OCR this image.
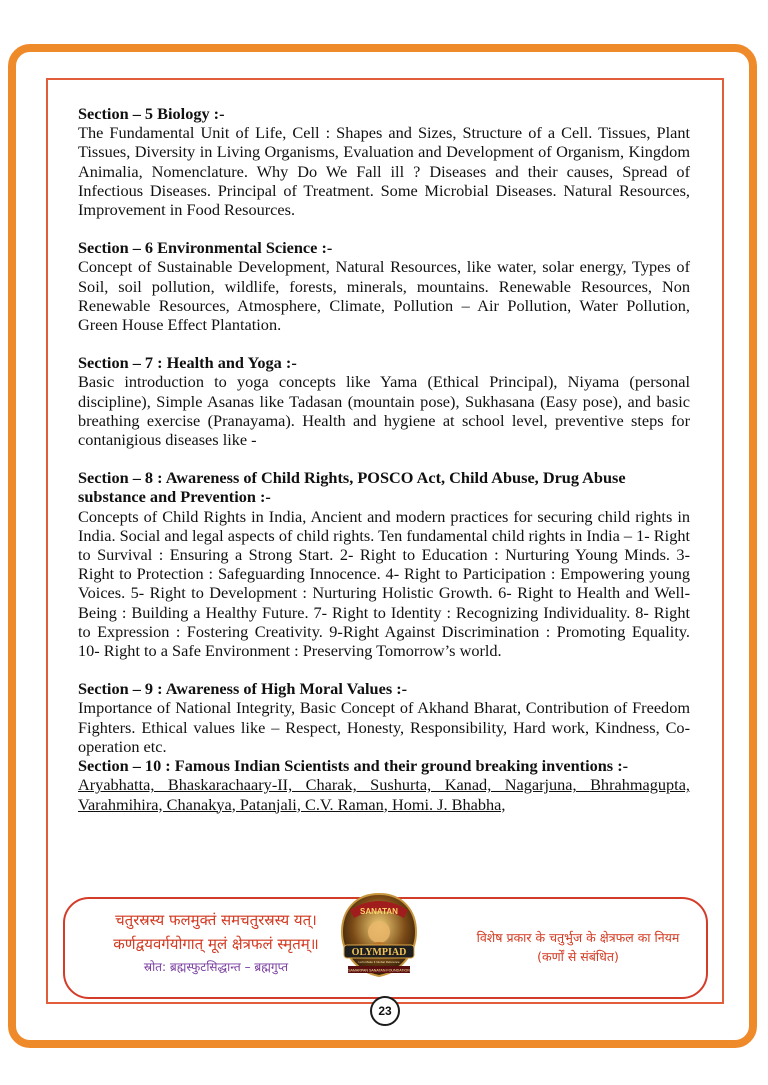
Section – 5 Biology :-
The Fundamental Unit of Life, Cell : Shapes and Sizes, Structure of a Cell. Tissues, Plant Tissues, Diversity in Living Organisms, Evaluation and Development of Organism, Kingdom Animalia, Nomenclature. Why Do We Fall ill ? Diseases and their causes, Spread of Infectious Diseases. Principal of Treatment. Some Microbial Diseases. Natural Resources, Improvement in Food Resources.
Section – 6 Environmental Science :-
Concept of Sustainable Development, Natural Resources, like water, solar energy, Types of Soil, soil pollution, wildlife, forests, minerals, mountains. Renewable Resources, Non Renewable Resources, Atmosphere, Climate, Pollution – Air Pollution, Water Pollution, Green House Effect Plantation.
Section – 7 : Health and Yoga :-
Basic introduction to yoga concepts like Yama (Ethical Principal), Niyama (personal discipline), Simple Asanas like Tadasan (mountain pose), Sukhasana (Easy pose), and basic breathing exercise (Pranayama). Health and hygiene at school level, preventive steps for contanigious diseases like -
Section – 8 : Awareness of Child Rights, POSCO Act, Child Abuse, Drug Abuse substance and Prevention :-
Concepts of Child Rights in India, Ancient and modern practices for securing child rights in India. Social and legal aspects of child rights. Ten fundamental child rights in India – 1- Right to Survival : Ensuring a Strong Start. 2- Right to Education : Nurturing Young Minds. 3- Right to Protection : Safeguarding Innocence. 4- Right to Participation : Empowering young Voices. 5- Right to Development : Nurturing Holistic Growth. 6- Right to Health and Well-Being : Building a Healthy Future. 7- Right to Identity : Recognizing Individuality. 8- Right to Expression : Fostering Creativity. 9-Right Against Discrimination : Promoting Equality. 10- Right to a Safe Environment : Preserving Tomorrow’s world.
Section – 9 : Awareness of High Moral Values :-
Importance of National Integrity, Basic Concept of Akhand Bharat, Contribution of Freedom Fighters. Ethical values like – Respect, Honesty, Responsibility, Hard work, Kindness, Co-operation etc.
Section – 10 : Famous Indian Scientists and their ground breaking inventions :-
Aryabhatta, Bhaskarachaary-II, Charak, Sushurta, Kanad, Nagarjuna, Bhrahmagupta, Varahmihira, Chanakya, Patanjali, C.V. Raman, Homi. J. Bhabha,
चतुरस्रस्य फलमुक्तं समचतुरस्रस्य यत्।
कर्णद्वयवर्गयोगात् मूलं क्षेत्रफलं स्मृतम्॥
स्रोत: ब्रह्मस्फुटसिद्धान्त – ब्रह्मगुप्त
SANATAN
OLYMPIAD
Let's Make It Global Reference
SAMARPAN SANATAN FOUNDATION
विशेष प्रकार के चतुर्भुज के क्षेत्रफल का नियम
(कर्णों से संबंधित)
23
